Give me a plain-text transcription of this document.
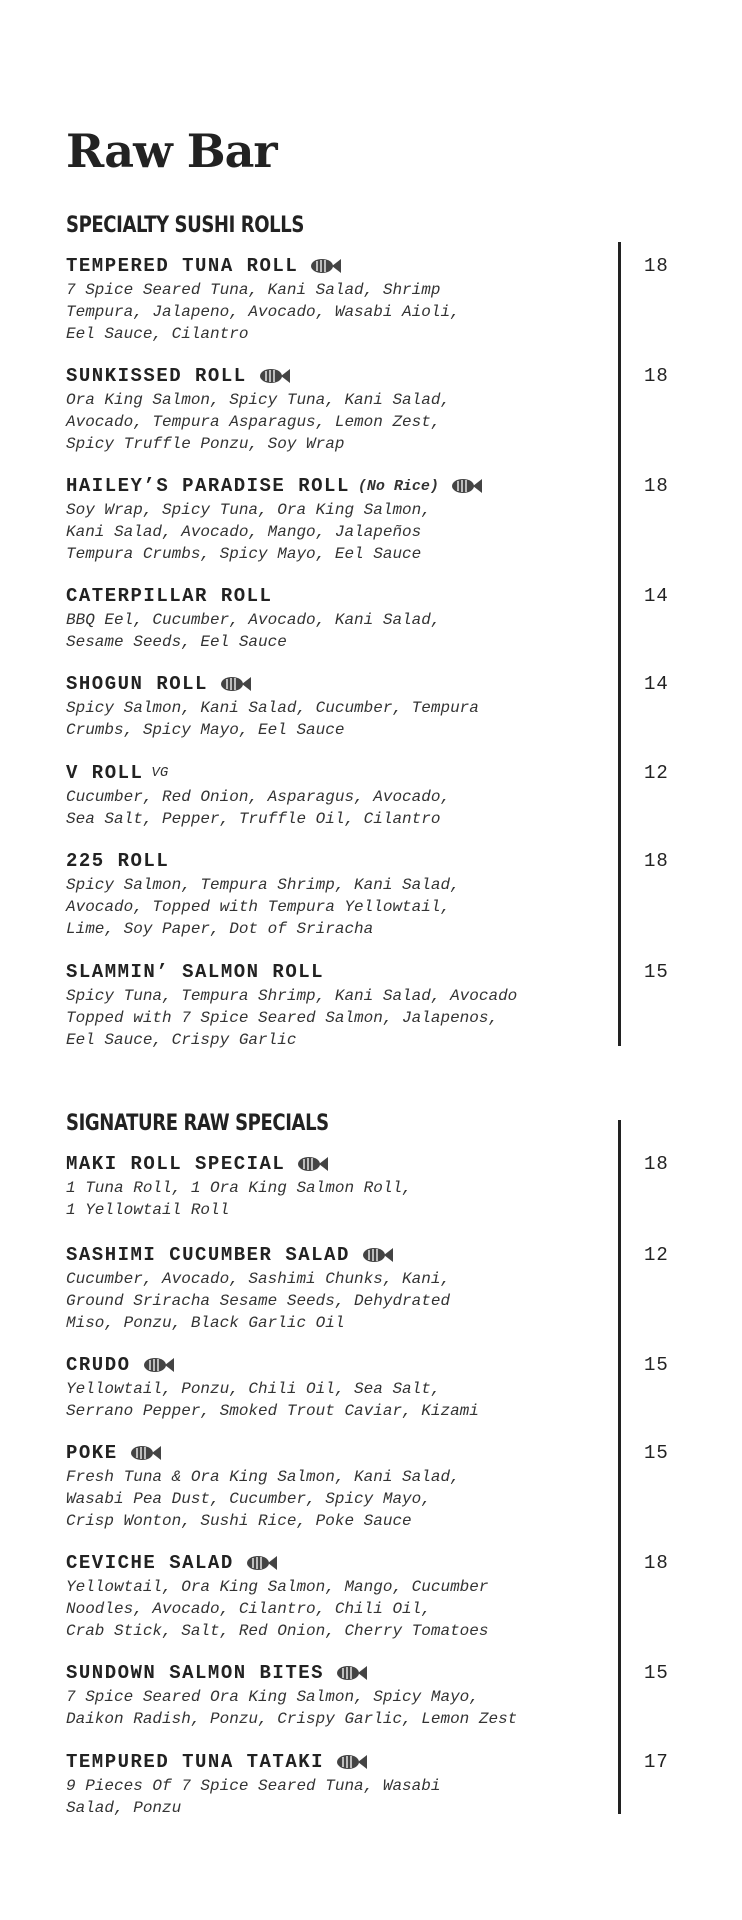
Raw Bar
SPECIALTY SUSHI ROLLS
TEMPERED TUNA ROLL	18

7 Spice Seared Tuna, Kani Salad, Shrimp
Tempura, Jalapeno, Avocado, Wasabi Aioli,
Eel Sauce, Cilantro

SUNKISSED ROLL	18

Ora King Salmon, Spicy Tuna, Kani Salad,
Avocado, Tempura Asparagus, Lemon Zest,
Spicy Truffle Ponzu, Soy Wrap

HAILEY’S PARADISE ROLL (No Rice)	18

Soy Wrap, Spicy Tuna, Ora King Salmon,
Kani Salad, Avocado, Mango, Jalapeños
Tempura Crumbs, Spicy Mayo, Eel Sauce

CATERPILLAR ROLL	14

BBQ Eel, Cucumber, Avocado, Kani Salad,
Sesame Seeds, Eel Sauce

SHOGUN ROLL	14

Spicy Salmon, Kani Salad, Cucumber, Tempura
Crumbs, Spicy Mayo, Eel Sauce

V ROLL VG	12

Cucumber, Red Onion, Asparagus, Avocado,
Sea Salt, Pepper, Truffle Oil, Cilantro

225 ROLL	18

Spicy Salmon, Tempura Shrimp, Kani Salad,
Avocado, Topped with Tempura Yellowtail,
Lime, Soy Paper, Dot of Sriracha

SLAMMIN’ SALMON ROLL	15

Spicy Tuna, Tempura Shrimp, Kani Salad, Avocado
Topped with 7 Spice Seared Salmon, Jalapenos,
Eel Sauce, Crispy Garlic

SIGNATURE RAW SPECIALS
MAKI ROLL SPECIAL	18

1 Tuna Roll, 1 Ora King Salmon Roll,
1 Yellowtail Roll

SASHIMI CUCUMBER SALAD	12

Cucumber, Avocado, Sashimi Chunks, Kani,
Ground Sriracha Sesame Seeds, Dehydrated
Miso, Ponzu, Black Garlic Oil

CRUDO	15

Yellowtail, Ponzu, Chili Oil, Sea Salt,
Serrano Pepper, Smoked Trout Caviar, Kizami

POKE	15

Fresh Tuna & Ora King Salmon, Kani Salad,
Wasabi Pea Dust, Cucumber, Spicy Mayo,
Crisp Wonton, Sushi Rice, Poke Sauce

CEVICHE SALAD	18

Yellowtail, Ora King Salmon, Mango, Cucumber
Noodles, Avocado, Cilantro, Chili Oil,
Crab Stick, Salt, Red Onion, Cherry Tomatoes

SUNDOWN SALMON BITES	15

7 Spice Seared Ora King Salmon, Spicy Mayo,
Daikon Radish, Ponzu, Crispy Garlic, Lemon Zest

TEMPURED TUNA TATAKI	17

9 Pieces Of 7 Spice Seared Tuna, Wasabi
Salad, Ponzu
